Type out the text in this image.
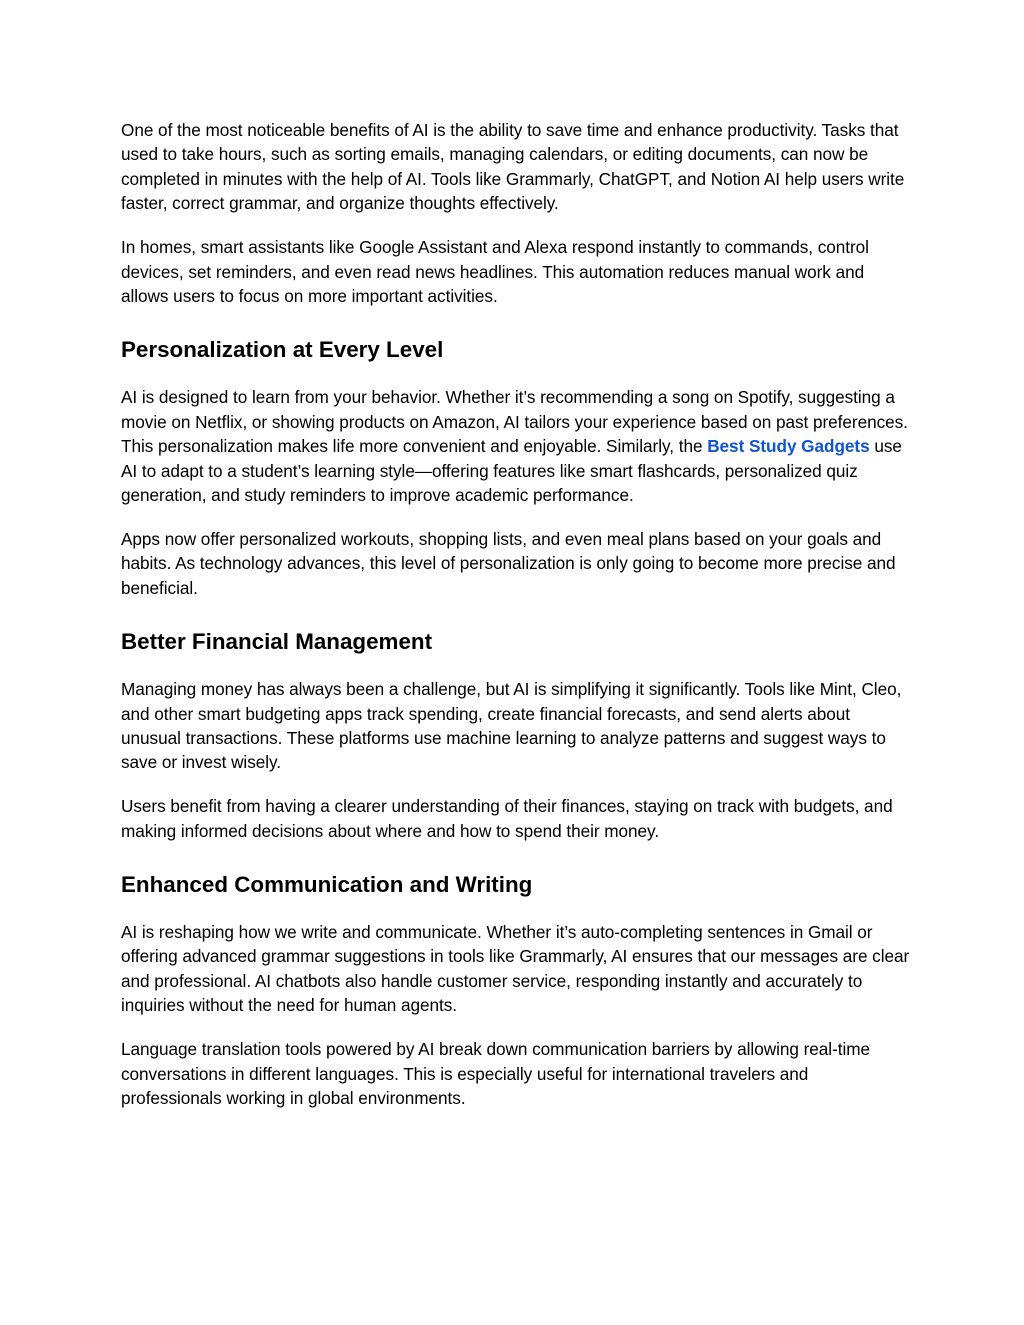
One of the most noticeable benefits of AI is the ability to save time and enhance productivity. Tasks that used to take hours, such as sorting emails, managing calendars, or editing documents, can now be completed in minutes with the help of AI. Tools like Grammarly, ChatGPT, and Notion AI help users write faster, correct grammar, and organize thoughts effectively.

In homes, smart assistants like Google Assistant and Alexa respond instantly to commands, control devices, set reminders, and even read news headlines. This automation reduces manual work and allows users to focus on more important activities.

Personalization at Every Level

AI is designed to learn from your behavior. Whether it’s recommending a song on Spotify, suggesting a movie on Netflix, or showing products on Amazon, AI tailors your experience based on past preferences. This personalization makes life more convenient and enjoyable. Similarly, the Best Study Gadgets use AI to adapt to a student’s learning style—offering features like smart flashcards, personalized quiz generation, and study reminders to improve academic performance.

Apps now offer personalized workouts, shopping lists, and even meal plans based on your goals and habits. As technology advances, this level of personalization is only going to become more precise and beneficial.

Better Financial Management

Managing money has always been a challenge, but AI is simplifying it significantly. Tools like Mint, Cleo, and other smart budgeting apps track spending, create financial forecasts, and send alerts about unusual transactions. These platforms use machine learning to analyze patterns and suggest ways to save or invest wisely.

Users benefit from having a clearer understanding of their finances, staying on track with budgets, and making informed decisions about where and how to spend their money.

Enhanced Communication and Writing

AI is reshaping how we write and communicate. Whether it’s auto-completing sentences in Gmail or offering advanced grammar suggestions in tools like Grammarly, AI ensures that our messages are clear and professional. AI chatbots also handle customer service, responding instantly and accurately to inquiries without the need for human agents.

Language translation tools powered by AI break down communication barriers by allowing real-time conversations in different languages. This is especially useful for international travelers and professionals working in global environments.
